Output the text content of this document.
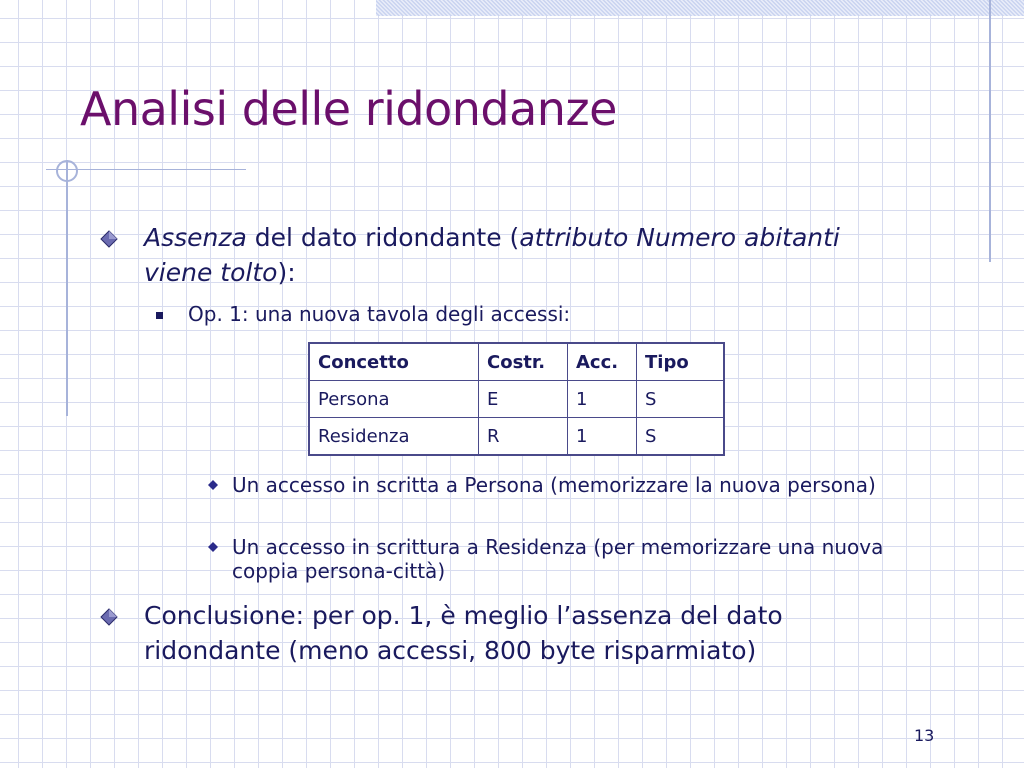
Analisi delle ridondanze
Assenza del dato ridondante (attributo Numero abitanti viene tolto):
Op. 1: una nuova tavola degli accessi:
Concetto	Costr.	Acc.	Tipo
Persona	E	1	S
Residenza	R	1	S
Un accesso in scritta a Persona (memorizzare la nuova persona)
Un accesso in scrittura a Residenza (per memorizzare una nuova coppia persona-città)
Conclusione: per op. 1, è meglio l’assenza del dato ridondante (meno accessi, 800 byte risparmiato)
13
